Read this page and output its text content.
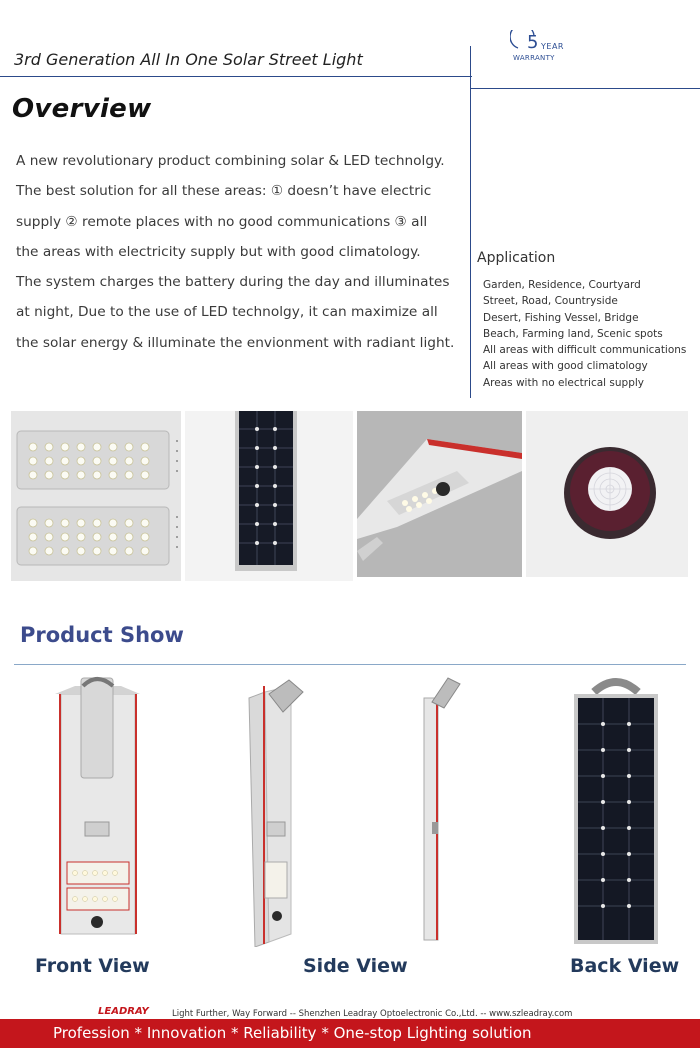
3rd Generation All In One Solar Street Light
5 YEAR
WARRANTY
Overview
A new revolutionary product combining solar & LED technolgy.
The best solution for all these areas: ① doesn’t have electric
supply ② remote places with no good communications ③ all
the areas with electricity supply but with good climatology.
The system charges the battery during the day and illuminates
at night, Due to the use of LED technolgy, it can maximize all
the solar energy & illuminate the envionment with radiant light.
Application
Garden, Residence, Courtyard
Street, Road, Countryside
Desert, Fishing Vessel, Bridge
Beach, Farming land, Scenic spots
All areas with difficult communications
All areas with good climatology
Areas with no electrical supply
Product Show
Front View	Side View	Back View
LEADRAY	Light Further, Way Forward -- Shenzhen Leadray Optoelectronic Co.,Ltd. -- www.szleadray.com
Profession * Innovation * Reliability * One-stop Lighting solution
